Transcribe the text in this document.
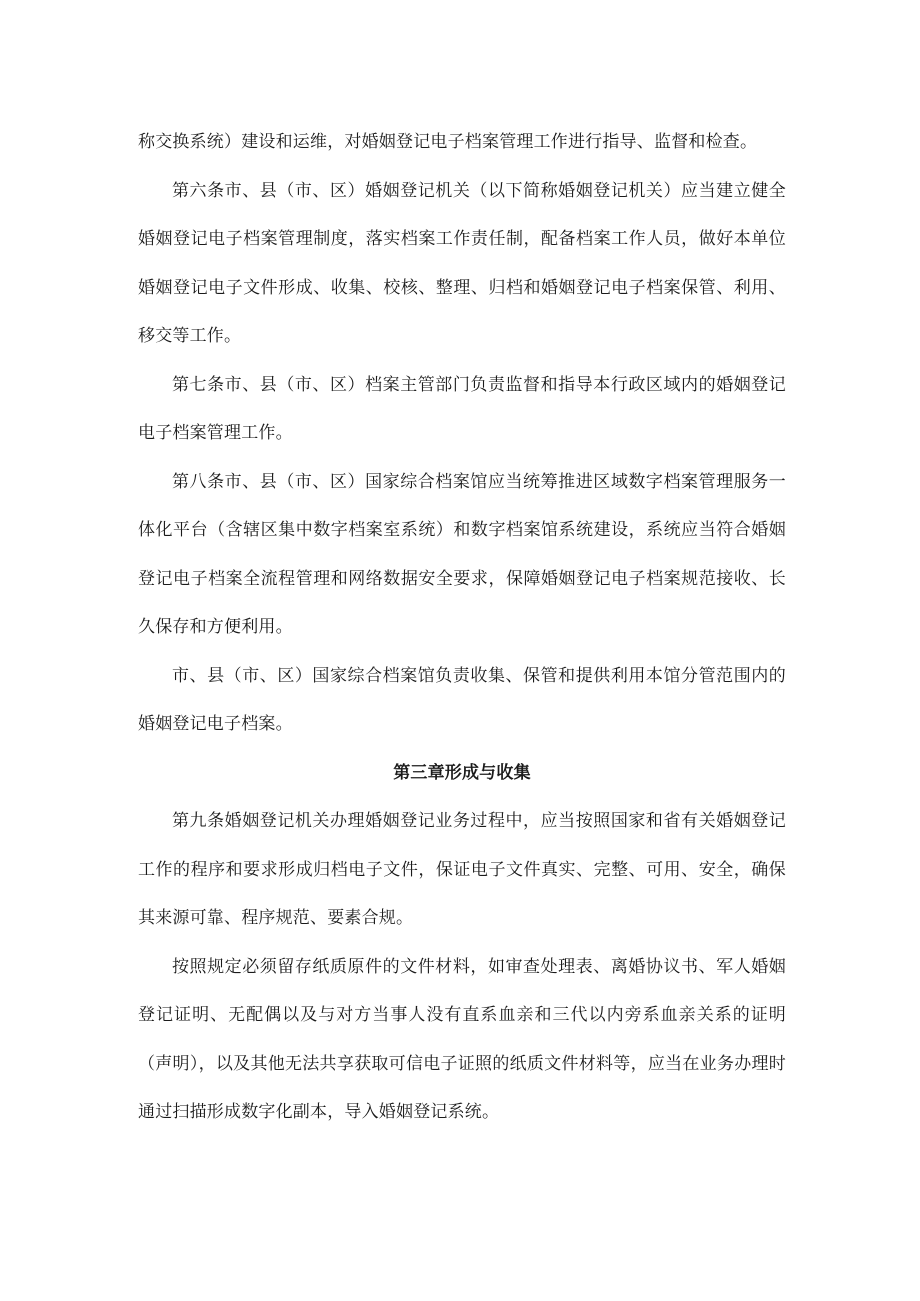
称交换系统）建设和运维，对婚姻登记电子档案管理工作进行指导、监督和检查。

第六条市、县（市、区）婚姻登记机关（以下简称婚姻登记机关）应当建立健全婚姻登记电子档案管理制度，落实档案工作责任制，配备档案工作人员，做好本单位婚姻登记电子文件形成、收集、校核、整理、归档和婚姻登记电子档案保管、利用、移交等工作。

第七条市、县（市、区）档案主管部门负责监督和指导本行政区域内的婚姻登记电子档案管理工作。

第八条市、县（市、区）国家综合档案馆应当统筹推进区域数字档案管理服务一体化平台（含辖区集中数字档案室系统）和数字档案馆系统建设，系统应当符合婚姻登记电子档案全流程管理和网络数据安全要求，保障婚姻登记电子档案规范接收、长久保存和方便利用。

市、县（市、区）国家综合档案馆负责收集、保管和提供利用本馆分管范围内的婚姻登记电子档案。

第三章形成与收集

第九条婚姻登记机关办理婚姻登记业务过程中，应当按照国家和省有关婚姻登记工作的程序和要求形成归档电子文件，保证电子文件真实、完整、可用、安全，确保其来源可靠、程序规范、要素合规。

按照规定必须留存纸质原件的文件材料，如审查处理表、离婚协议书、军人婚姻登记证明、无配偶以及与对方当事人没有直系血亲和三代以内旁系血亲关系的证明（声明），以及其他无法共享获取可信电子证照的纸质文件材料等，应当在业务办理时通过扫描形成数字化副本，导入婚姻登记系统。
